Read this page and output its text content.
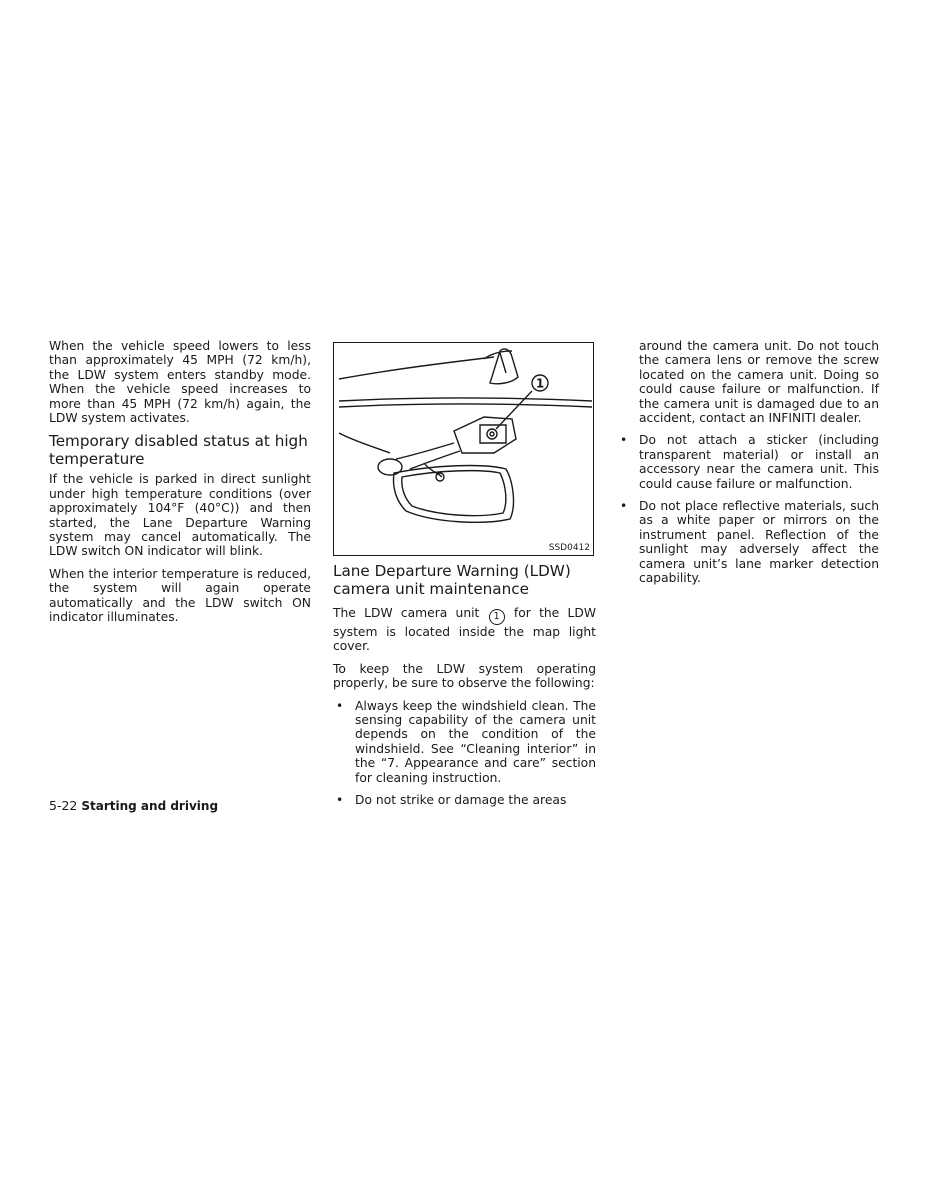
When the vehicle speed lowers to less than approximately 45 MPH (72 km/h), the LDW system enters standby mode. When the vehicle speed increases to more than 45 MPH (72 km/h) again, the LDW system activates.

Temporary disabled status at high temperature

If the vehicle is parked in direct sunlight under high temperature conditions (over approximately 104°F (40°C)) and then started, the Lane Departure Warning system may cancel automatically. The LDW switch ON indicator will blink.

When the interior temperature is reduced, the system will again operate automatically and the LDW switch ON indicator illuminates.

1
SSD0412
Lane Departure Warning (LDW) camera unit maintenance

The LDW camera unit 1 for the LDW system is located inside the map light cover.

To keep the LDW system operating properly, be sure to observe the following:

• Always keep the windshield clean. The sensing capability of the camera unit depends on the condition of the windshield. See “Cleaning interior” in the “7. Appearance and care” section for cleaning instruction.
• Do not strike or damage the areas

around the camera unit. Do not touch the camera lens or remove the screw located on the camera unit. Doing so could cause failure or malfunction. If the camera unit is damaged due to an accident, contact an INFINITI dealer.

• Do not attach a sticker (including transparent material) or install an accessory near the camera unit. This could cause failure or malfunction.
• Do not place reflective materials, such as a white paper or mirrors on the instrument panel. Reflection of the sunlight may adversely affect the camera unit’s lane marker detection capability.
5-22 Starting and driving
